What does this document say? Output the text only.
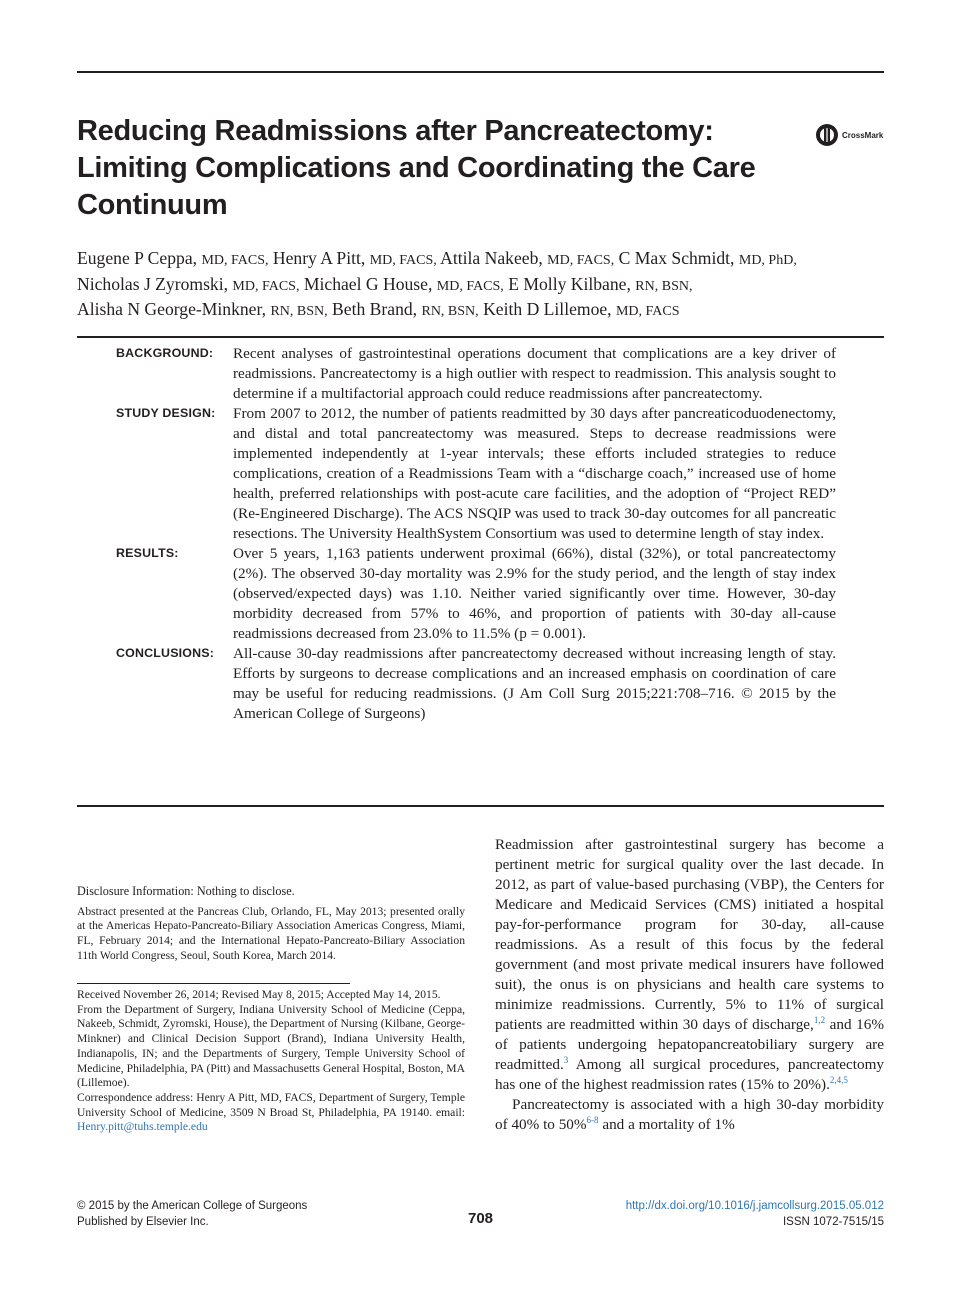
Reducing Readmissions after Pancreatectomy: Limiting Complications and Coordinating the Care Continuum
CrossMark
Eugene P Ceppa, MD, FACS, Henry A Pitt, MD, FACS, Attila Nakeeb, MD, FACS, C Max Schmidt, MD, PhD, Nicholas J Zyromski, MD, FACS, Michael G House, MD, FACS, E Molly Kilbane, RN, BSN, Alisha N George-Minkner, RN, BSN, Beth Brand, RN, BSN, Keith D Lillemoe, MD, FACS
BACKGROUND: Recent analyses of gastrointestinal operations document that complications are a key driver of readmissions. Pancreatectomy is a high outlier with respect to readmission. This analysis sought to determine if a multifactorial approach could reduce readmissions after pancreatectomy.
STUDY DESIGN: From 2007 to 2012, the number of patients readmitted by 30 days after pancreaticoduodenectomy, and distal and total pancreatectomy was measured. Steps to decrease readmissions were implemented independently at 1-year intervals; these efforts included strategies to reduce complications, creation of a Readmissions Team with a “discharge coach,” increased use of home health, preferred relationships with post-acute care facilities, and the adoption of “Project RED” (Re-Engineered Discharge). The ACS NSQIP was used to track 30-day outcomes for all pancreatic resections. The University HealthSystem Consortium was used to determine length of stay index.
RESULTS:	Over 5 years, 1,163 patients underwent proximal (66%), distal (32%), or total pancreatectomy (2%). The observed 30-day mortality was 2.9% for the study period, and the length of stay index (observed/expected days) was 1.10. Neither varied significantly over time. However, 30-day morbidity decreased from 57% to 46%, and proportion of patients with 30-day all-cause readmissions decreased from 23.0% to 11.5% (p = 0.001).
CONCLUSIONS: All-cause 30-day readmissions after pancreatectomy decreased without increasing length of stay. Efforts by surgeons to decrease complications and an increased emphasis on coordination of care may be useful for reducing readmissions. (J Am Coll Surg 2015;221:708–716. © 2015 by the American College of Surgeons)

Disclosure Information: Nothing to disclose.

Abstract presented at the Pancreas Club, Orlando, FL, May 2013; presented orally at the Americas Hepato-Pancreato-Biliary Association Americas Congress, Miami, FL, February 2014; and the International Hepato-Pancreato-Biliary Association 11th World Congress, Seoul, South Korea, March 2014.

Received November 26, 2014; Revised May 8, 2015; Accepted May 14, 2015.

From the Department of Surgery, Indiana University School of Medicine (Ceppa, Nakeeb, Schmidt, Zyromski, House), the Department of Nursing (Kilbane, George-Minkner) and Clinical Decision Support (Brand), Indiana University Health, Indianapolis, IN; and the Departments of Surgery, Temple University School of Medicine, Philadelphia, PA (Pitt) and Massachusetts General Hospital, Boston, MA (Lillemoe).

Correspondence address: Henry A Pitt, MD, FACS, Department of Surgery, Temple University School of Medicine, 3509 N Broad St, Philadelphia, PA 19140. email: Henry.pitt@tuhs.temple.edu

Readmission after gastrointestinal surgery has become a pertinent metric for surgical quality over the last decade. In 2012, as part of value-based purchasing (VBP), the Centers for Medicare and Medicaid Services (CMS) initiated a hospital pay-for-performance program for 30-day, all-cause readmissions. As a result of this focus by the federal government (and most private medical insurers have followed suit), the onus is on physicians and health care systems to minimize readmissions. Currently, 5% to 11% of surgical patients are readmitted within 30 days of discharge,$^{1,2}$ and 16% of patients undergoing hepatopancreatobiliary surgery are readmitted.$^3$ Among all surgical procedures, pancreatectomy has one of the highest readmission rates (15% to 20%).$^{2,4,5}$

Pancreatectomy is associated with a high 30-day morbidity of 40% to 50%$^{6-8}$ and a mortality of 1%

© 2015 by the American College of Surgeons
Published by Elsevier Inc.	708
http://dx.doi.org/10.1016/j.jamcollsurg.2015.05.012
ISSN 1072-7515/15
